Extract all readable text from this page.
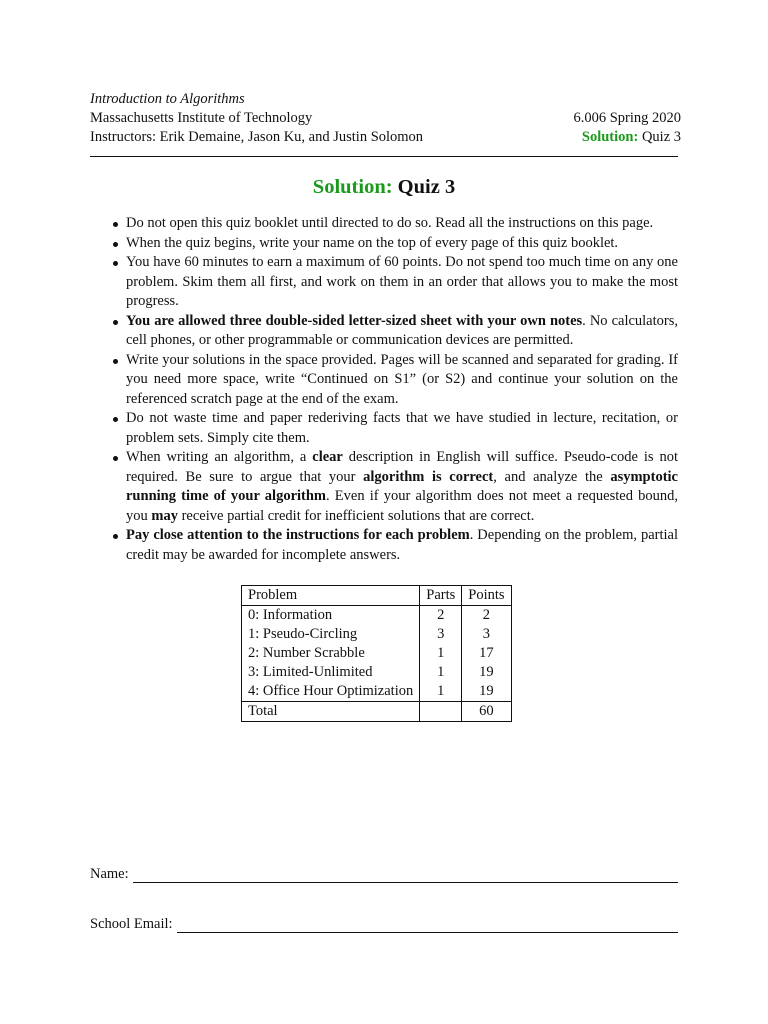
Introduction to Algorithms
Massachusetts Institute of Technology	6.006 Spring 2020
Instructors: Erik Demaine, Jason Ku, and Justin Solomon	Solution: Quiz 3
Solution: Quiz 3
Do not open this quiz booklet until directed to do so. Read all the instructions on this page.
When the quiz begins, write your name on the top of every page of this quiz booklet.
You have 60 minutes to earn a maximum of 60 points. Do not spend too much time on any one problem. Skim them all first, and work on them in an order that allows you to make the most progress.
You are allowed three double-sided letter-sized sheet with your own notes. No calculators, cell phones, or other programmable or communication devices are permitted.
Write your solutions in the space provided. Pages will be scanned and separated for grading. If you need more space, write “Continued on S1” (or S2) and continue your solution on the referenced scratch page at the end of the exam.
Do not waste time and paper rederiving facts that we have studied in lecture, recitation, or problem sets. Simply cite them.
When writing an algorithm, a clear description in English will suffice. Pseudo-code is not required. Be sure to argue that your algorithm is correct, and analyze the asymptotic running time of your algorithm. Even if your algorithm does not meet a requested bound, you may receive partial credit for inefficient solutions that are correct.
Pay close attention to the instructions for each problem. Depending on the problem, partial credit may be awarded for incomplete answers.
Problem	Parts	Points
0: Information	2	2
1: Pseudo-Circling	3	3
2: Number Scrabble	1	17
3: Limited-Unlimited	1	19
4: Office Hour Optimization	1	19
Total		60
Name:
School Email:
